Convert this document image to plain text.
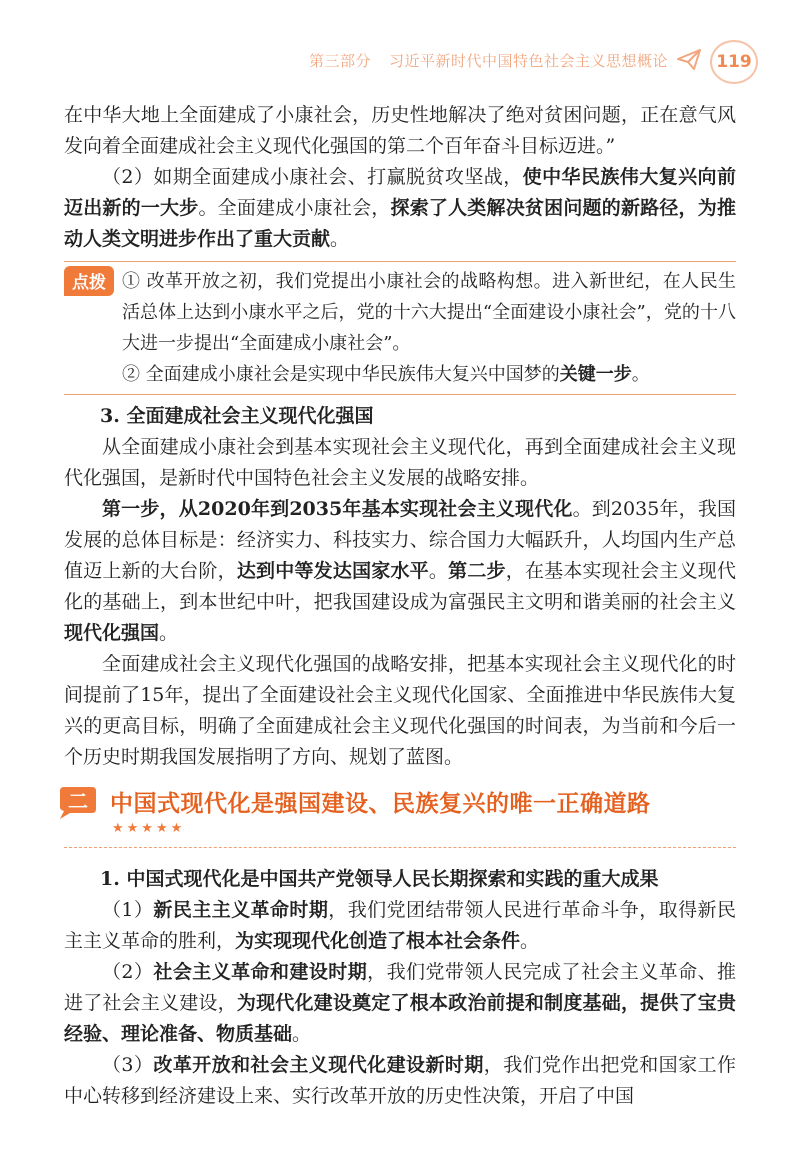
第三部分 习近平新时代中国特色社会主义思想概论	119

在中华大地上全面建成了小康社会，历史性地解决了绝对贫困问题，正在意气风发向着全面建成社会主义现代化强国的第二个百年奋斗目标迈进。”

（2）如期全面建成小康社会、打赢脱贫攻坚战，使中华民族伟大复兴向前迈出新的一大步。全面建成小康社会，探索了人类解决贫困问题的新路径，为推动人类文明进步作出了重大贡献。

点拨 ① 改革开放之初，我们党提出小康社会的战略构想。进入新世纪，在人民生活总体上达到小康水平之后，党的十六大提出“全面建设小康社会”，党的十八大进一步提出“全面建成小康社会”。

② 全面建成小康社会是实现中华民族伟大复兴中国梦的关键一步。

3. 全面建成社会主义现代化强国

从全面建成小康社会到基本实现社会主义现代化，再到全面建成社会主义现代化强国，是新时代中国特色社会主义发展的战略安排。

第一步，从2020年到2035年基本实现社会主义现代化。到2035年，我国发展的总体目标是：经济实力、科技实力、综合国力大幅跃升，人均国内生产总值迈上新的大台阶，达到中等发达国家水平。第二步，在基本实现社会主义现代化的基础上，到本世纪中叶，把我国建设成为富强民主文明和谐美丽的社会主义现代化强国。

全面建成社会主义现代化强国的战略安排，把基本实现社会主义现代化的时间提前了15年，提出了全面建设社会主义现代化国家、全面推进中华民族伟大复兴的更高目标，明确了全面建成社会主义现代化强国的时间表，为当前和今后一个历史时期我国发展指明了方向、规划了蓝图。

二 中国式现代化是强国建设、民族复兴的唯一正确道路
★★★★★

1. 中国式现代化是中国共产党领导人民长期探索和实践的重大成果

（1）新民主主义革命时期，我们党团结带领人民进行革命斗争，取得新民主主义革命的胜利，为实现现代化创造了根本社会条件。

（2）社会主义革命和建设时期，我们党带领人民完成了社会主义革命、推进了社会主义建设，为现代化建设奠定了根本政治前提和制度基础，提供了宝贵经验、理论准备、物质基础。

（3）改革开放和社会主义现代化建设新时期，我们党作出把党和国家工作中心转移到经济建设上来、实行改革开放的历史性决策，开启了中国
